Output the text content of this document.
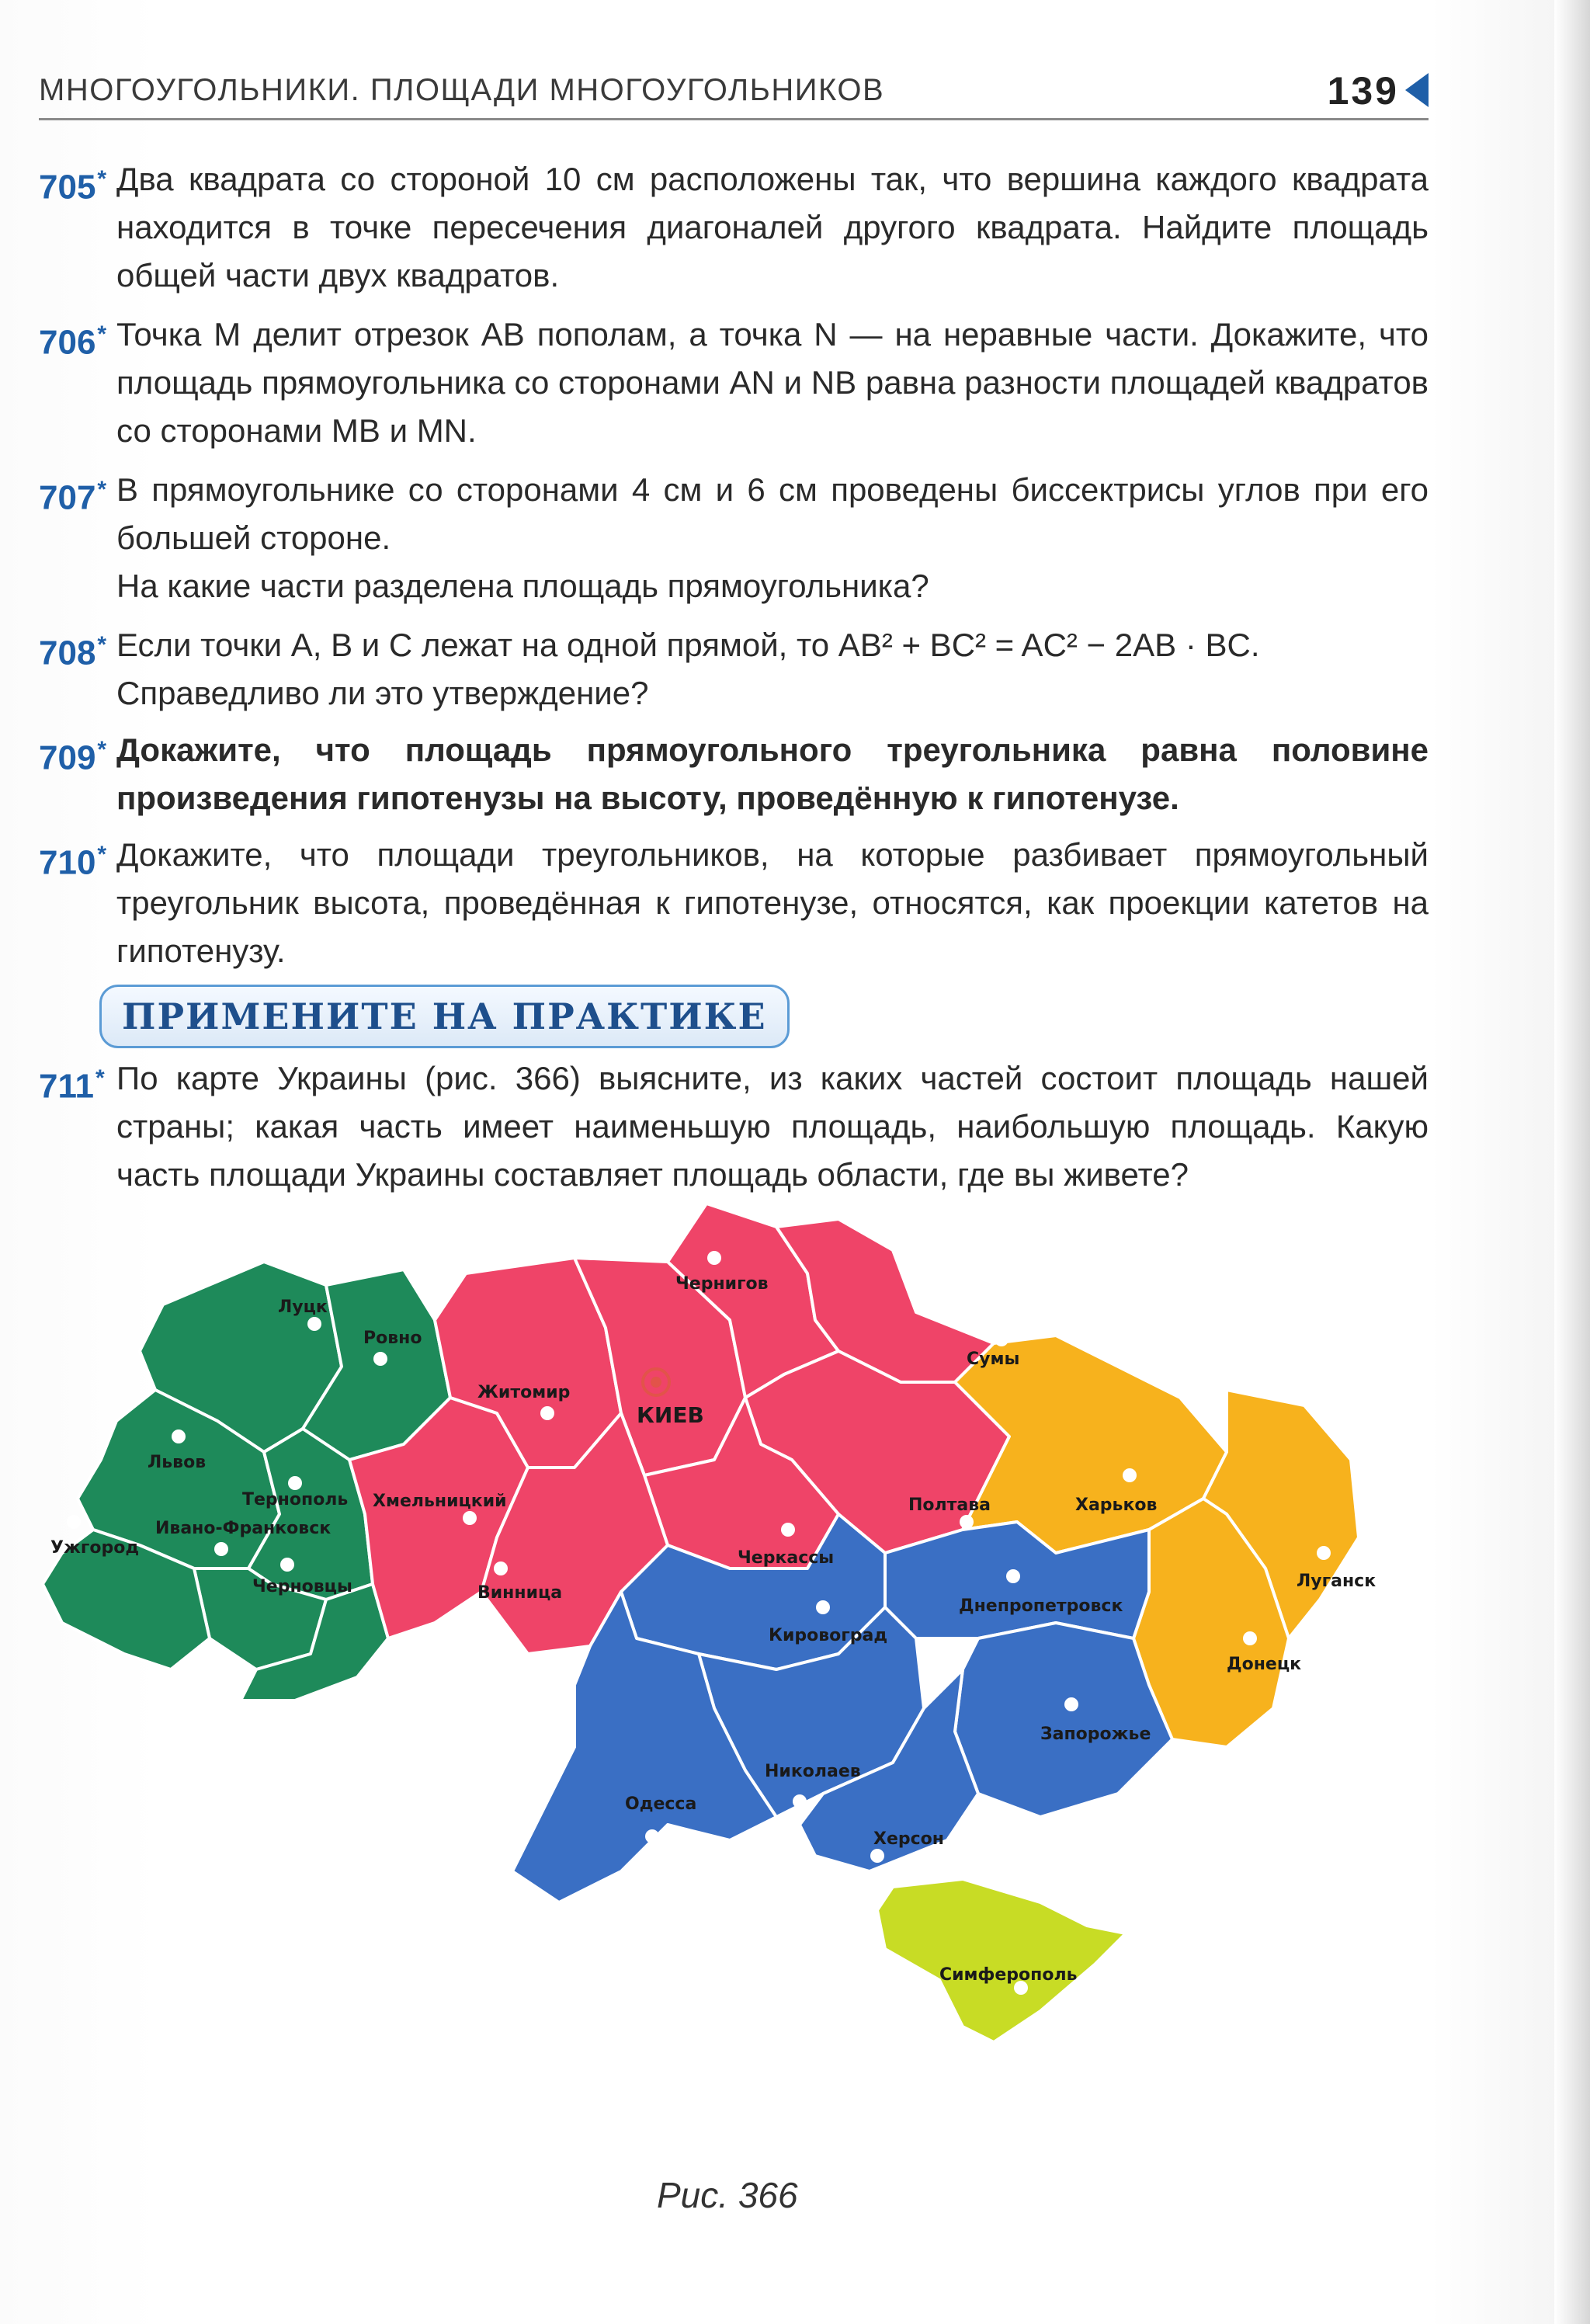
МНОГОУГОЛЬНИКИ. ПЛОЩАДИ МНОГОУГОЛЬНИКОВ	139
705* Два квадрата со стороной 10 см расположены так, что вершина каждого квадрата находится в точке пересечения диагоналей другого квадрата. Найдите площадь общей части двух квадратов.
706* Точка M делит отрезок AB пополам, а точка N — на неравные части. Докажите, что площадь прямоугольника со сторонами AN и NB равна разности площадей квадратов со сторонами MB и MN.
707* В прямоугольнике со сторонами 4 см и 6 см проведены биссектрисы углов при его большей стороне.
На какие части разделена площадь прямоугольника?
708* Если точки A, B и C лежат на одной прямой, то AB² + BC² = AC² − 2AB · BC.
Справедливо ли это утверждение?
709* Докажите, что площадь прямоугольного треугольника равна половине произведения гипотенузы на высоту, проведённую к гипотенузе.
710* Докажите, что площади треугольников, на которые разбивает прямоугольный треугольник высота, проведённая к гипотенузе, относятся, как проекции катетов на гипотенузу.
ПРИМЕНИТЕ НА ПРАКТИКЕ
711* По карте Украины (рис. 366) выясните, из каких частей состоит площадь нашей страны; какая часть имеет наименьшую площадь, наибольшую площадь. Какую часть площади Украины составляет площадь области, где вы живете?
Луцк
Ровно
Львов
Тернополь
Ивано-Франковск
Ужгород
Черновцы
Хмельницкий
Житомир
КИЕВ
Чернигов
Сумы
Полтава
Черкассы
Винница
Харьков
Луганск
Донецк
Днепропетровск
Кировоград
Запорожье
Николаев
Одесса
Херсон
Симферополь
Рис. 366
